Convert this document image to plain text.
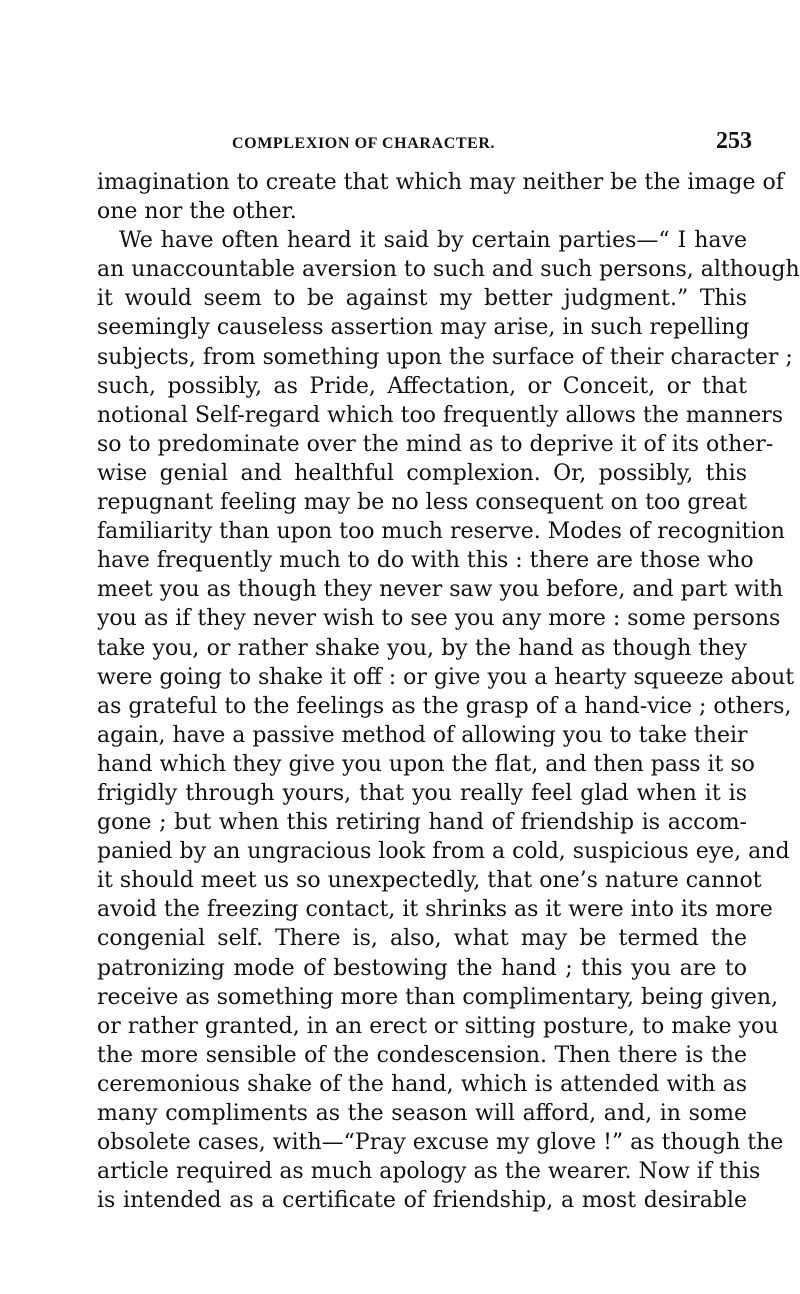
COMPLEXION OF CHARACTER.	253
imagination to create that which may neither be the image of
one nor the other.
We have often heard it said by certain parties—“ I have
an unaccountable aversion to such and such persons, although
it would seem to be against my better judgment.” This
seemingly causeless assertion may arise, in such repelling
subjects, from something upon the surface of their character ;
such, possibly, as Pride, Affectation, or Conceit, or that
notional Self-regard which too frequently allows the manners
so to predominate over the mind as to deprive it of its other-
wise genial and healthful complexion. Or, possibly, this
repugnant feeling may be no less consequent on too great
familiarity than upon too much reserve. Modes of recognition
have frequently much to do with this : there are those who
meet you as though they never saw you before, and part with
you as if they never wish to see you any more : some persons
take you, or rather shake you, by the hand as though they
were going to shake it off : or give you a hearty squeeze about
as grateful to the feelings as the grasp of a hand-vice ; others,
again, have a passive method of allowing you to take their
hand which they give you upon the flat, and then pass it so
frigidly through yours, that you really feel glad when it is
gone ; but when this retiring hand of friendship is accom-
panied by an ungracious look from a cold, suspicious eye, and
it should meet us so unexpectedly, that one’s nature cannot
avoid the freezing contact, it shrinks as it were into its more
congenial self. There is, also, what may be termed the
patronizing mode of bestowing the hand ; this you are to
receive as something more than complimentary, being given,
or rather granted, in an erect or sitting posture, to make you
the more sensible of the condescension. Then there is the
ceremonious shake of the hand, which is attended with as
many compliments as the season will afford, and, in some
obsolete cases, with—“Pray excuse my glove !” as though the
article required as much apology as the wearer. Now if this
is intended as a certificate of friendship, a most desirable
